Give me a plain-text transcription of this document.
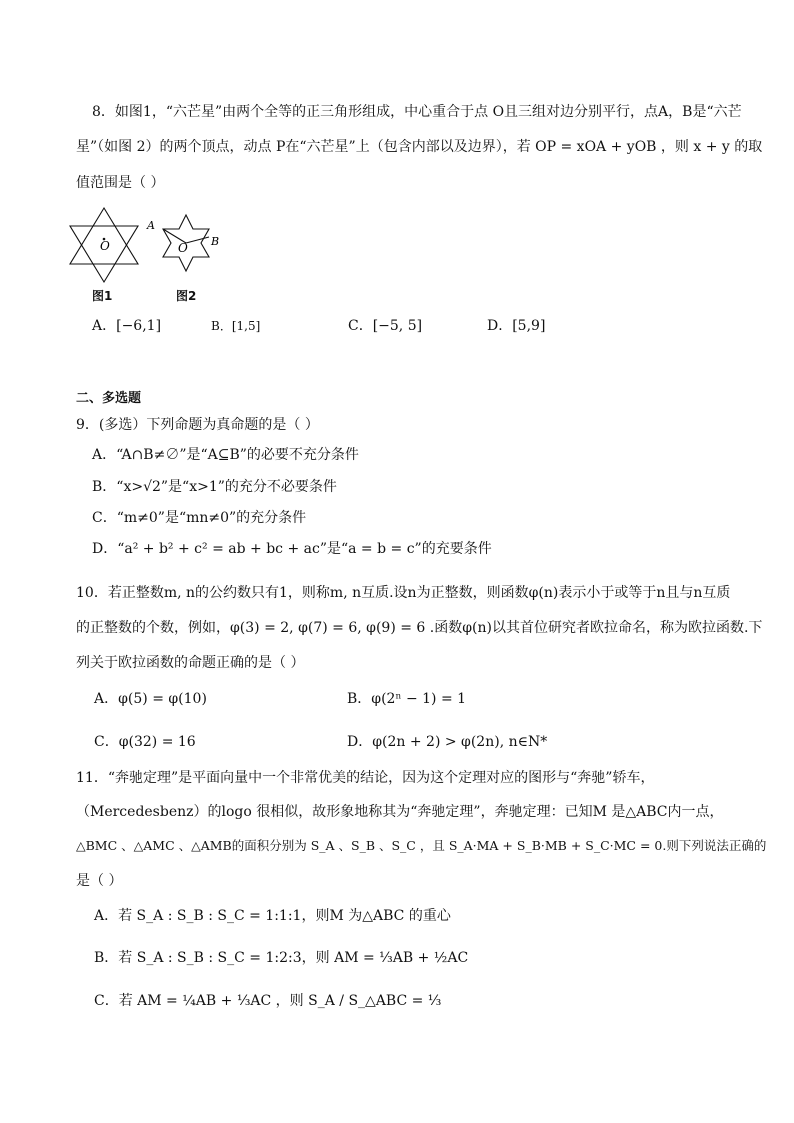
8．如图1，“六芒星”由两个全等的正三角形组成，中心重合于点 O且三组对边分别平行，点A，B是“六芒
星”（如图 2）的两个顶点，动点 P在“六芒星”上（包含内部以及边界），若 OP = xOA + yOB ，则 x + y 的取
值范围是（ ）
O
图1
A
O B
图2
A．[−6,1]	B．[1,5]	C．[−5, 5]	D．[5,9]
二、多选题
9．(多选）下列命题为真命题的是（ ）
A．“A∩B≠∅”是“A⊆B”的必要不充分条件
B．“x>√2”是“x>1”的充分不必要条件
C．“m≠0”是“mn≠0”的充分条件
D．“a² + b² + c² = ab + bc + ac”是“a = b = c”的充要条件
10．若正整数m, n的公约数只有1，则称m, n互质.设n为正整数，则函数φ(n)表示小于或等于n且与n互质
的正整数的个数，例如，φ(3) = 2, φ(7) = 6, φ(9) = 6 .函数φ(n)以其首位研究者欧拉命名，称为欧拉函数.下
列关于欧拉函数的命题正确的是（ ）
A．φ(5) = φ(10)	B．φ(2ⁿ − 1) = 1
C．φ(32) = 16	D．φ(2n + 2) > φ(2n), n∈N*
11．“奔驰定理”是平面向量中一个非常优美的结论，因为这个定理对应的图形与“奔驰”轿车，
（Mercedesbenz）的logo 很相似，故形象地称其为“奔驰定理”，奔驰定理：已知M 是△ABC内一点，
△BMC 、△AMC 、△AMB的面积分别为 S_A 、S_B 、S_C ，且 S_A·MA + S_B·MB + S_C·MC = 0.则下列说法正确的
是（ ）
A．若 S_A : S_B : S_C = 1:1:1，则M 为△ABC 的重心
B．若 S_A : S_B : S_C = 1:2:3，则 AM = ⅓AB + ½AC
C．若 AM = ¼AB + ⅓AC ，则 S_A / S_△ABC = ⅓
